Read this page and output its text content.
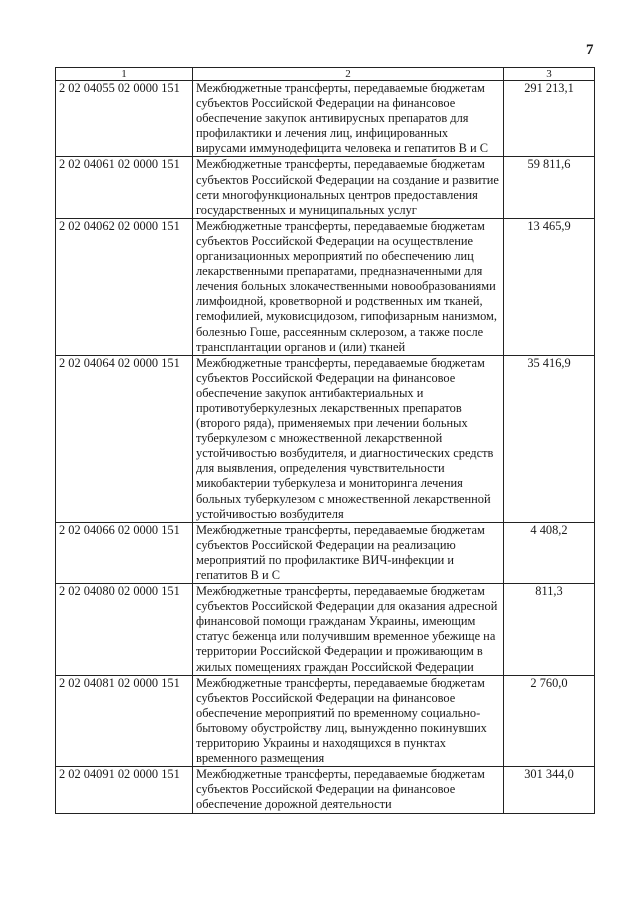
7
1	2	3
2 02 04055 02 0000 151	Межбюджетные трансферты, передаваемые бюджетам субъектов Российской Федерации на финансовое обеспечение закупок антивирусных препаратов для профилактики и лечения лиц, инфицированных вирусами иммунодефицита человека и гепатитов В и С	291 213,1
2 02 04061 02 0000 151	Межбюджетные трансферты, передаваемые бюджетам субъектов Российской Федерации на создание и развитие сети многофункциональных центров предоставления государственных и муниципальных услуг	59 811,6
2 02 04062 02 0000 151	Межбюджетные трансферты, передаваемые бюджетам субъектов Российской Федерации на осуществление организационных мероприятий по обеспечению лиц лекарственными препаратами, предназначенными для лечения больных злокачественными новообразованиями лимфоидной, кроветворной и родственных им тканей, гемофилией, муковисцидозом, гипофизарным нанизмом, болезнью Гоше, рассеянным склерозом, а также после трансплантации органов и (или) тканей	13 465,9
2 02 04064 02 0000 151	Межбюджетные трансферты, передаваемые бюджетам субъектов Российской Федерации на финансовое обеспечение закупок антибактериальных и противотуберкулезных лекарственных препаратов (второго ряда), применяемых при лечении больных туберкулезом с множественной лекарственной устойчивостью возбудителя, и диагностических средств для выявления, определения чувствительности микобактерии туберкулеза и мониторинга лечения больных туберкулезом с множественной лекарственной устойчивостью возбудителя	35 416,9
2 02 04066 02 0000 151	Межбюджетные трансферты, передаваемые бюджетам субъектов Российской Федерации на реализацию мероприятий по профилактике ВИЧ-инфекции и гепатитов В и С	4 408,2
2 02 04080 02 0000 151	Межбюджетные трансферты, передаваемые бюджетам субъектов Российской Федерации для оказания адресной финансовой помощи гражданам Украины, имеющим статус беженца или получившим временное убежище на территории Российской Федерации и проживающим в жилых помещениях граждан Российской Федерации	811,3
2 02 04081 02 0000 151	Межбюджетные трансферты, передаваемые бюджетам субъектов Российской Федерации на финансовое обеспечение мероприятий по временному социально-бытовому обустройству лиц, вынужденно покинувших территорию Украины и находящихся в пунктах временного размещения	2 760,0
2 02 04091 02 0000 151	Межбюджетные трансферты, передаваемые бюджетам субъектов Российской Федерации на финансовое обеспечение дорожной деятельности	301 344,0
